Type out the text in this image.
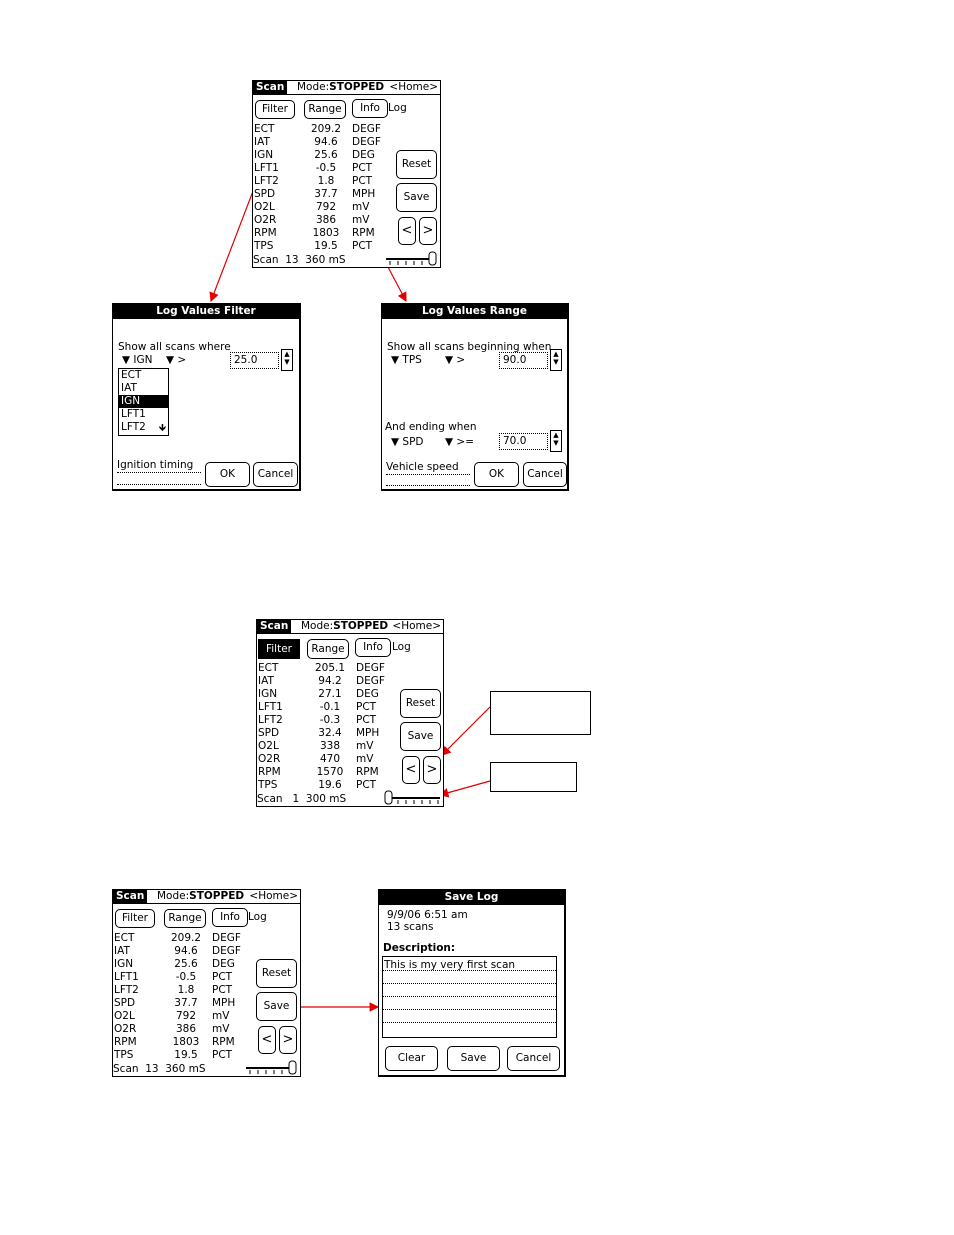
Scan Mode:STOPPED <Home>
Filter	Range	Info Log
ECT	209.2	DEGF
IAT	94.6	DEGF
IGN	25.6	DEG
LFT1	-0.5	PCT
LFT2	1.8	PCT
SPD	37.7	MPH
O2L	792	mV
O2R	386	mV
RPM	1803	RPM
TPS	19.5	PCT
Reset
Save
< >
Scan  13  360 mS
Log Values Filter
Show all scans where
▼ IGN ▼ >	25.0	▲
▼
ECT
IAT
IGN
LFT1
LFT2	🡻
Ignition timing
OK	Cancel
Log Values Range
Show all scans beginning when
▼ TPS ▼ >	90.0	▲
▼
And ending when
▼ SPD ▼ >=	70.0	▲
▼
Vehicle speed
OK	Cancel
Scan Mode:STOPPED <Home>
Filter	Range	Info Log
ECT	205.1	DEGF
IAT	94.2	DEGF
IGN	27.1	DEG
LFT1	-0.1	PCT
LFT2	-0.3	PCT
SPD	32.4	MPH
O2L	338	mV
O2R	470	mV
RPM	1570	RPM
TPS	19.6	PCT
Reset
Save
< >
Scan   1  300 mS
Scan Mode:STOPPED <Home>
Filter	Range	Info Log
ECT	209.2	DEGF
IAT	94.6	DEGF
IGN	25.6	DEG
LFT1	-0.5	PCT
LFT2	1.8	PCT
SPD	37.7	MPH
O2L	792	mV
O2R	386	mV
RPM	1803	RPM
TPS	19.5	PCT
Reset
Save
< >
Scan  13  360 mS
Save Log
9/9/06 6:51 am
13 scans
Description:
This is my very first scan
Clear	Save	Cancel
